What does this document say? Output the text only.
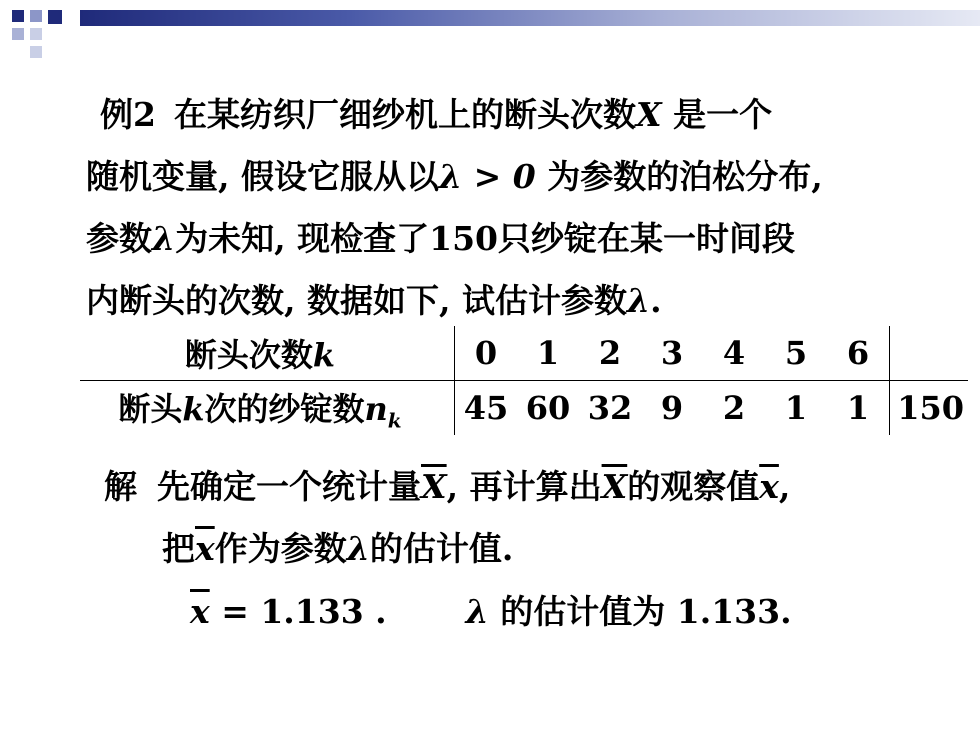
例2 在某纺织厂细纱机上的断头次数X 是一个
随机变量, 假设它服从以λ > 0 为参数的泊松分布,
参数λ为未知, 现检查了150只纱锭在某一时间段
内断头的次数, 数据如下, 试估计参数λ.
断头次数k	0	1	2	3	4	5	6	
断头k次的纱锭数$n_k$	45	60	32	9	2	1	1	150
解 先确定一个统计量$\overline{X}$, 再计算出$\overline{X}$的观察值$\overline{x}$,
把$\overline{x}$作为参数λ的估计值.
$\overline{x} = 1.133$ . λ 的估计值为 1.133.
